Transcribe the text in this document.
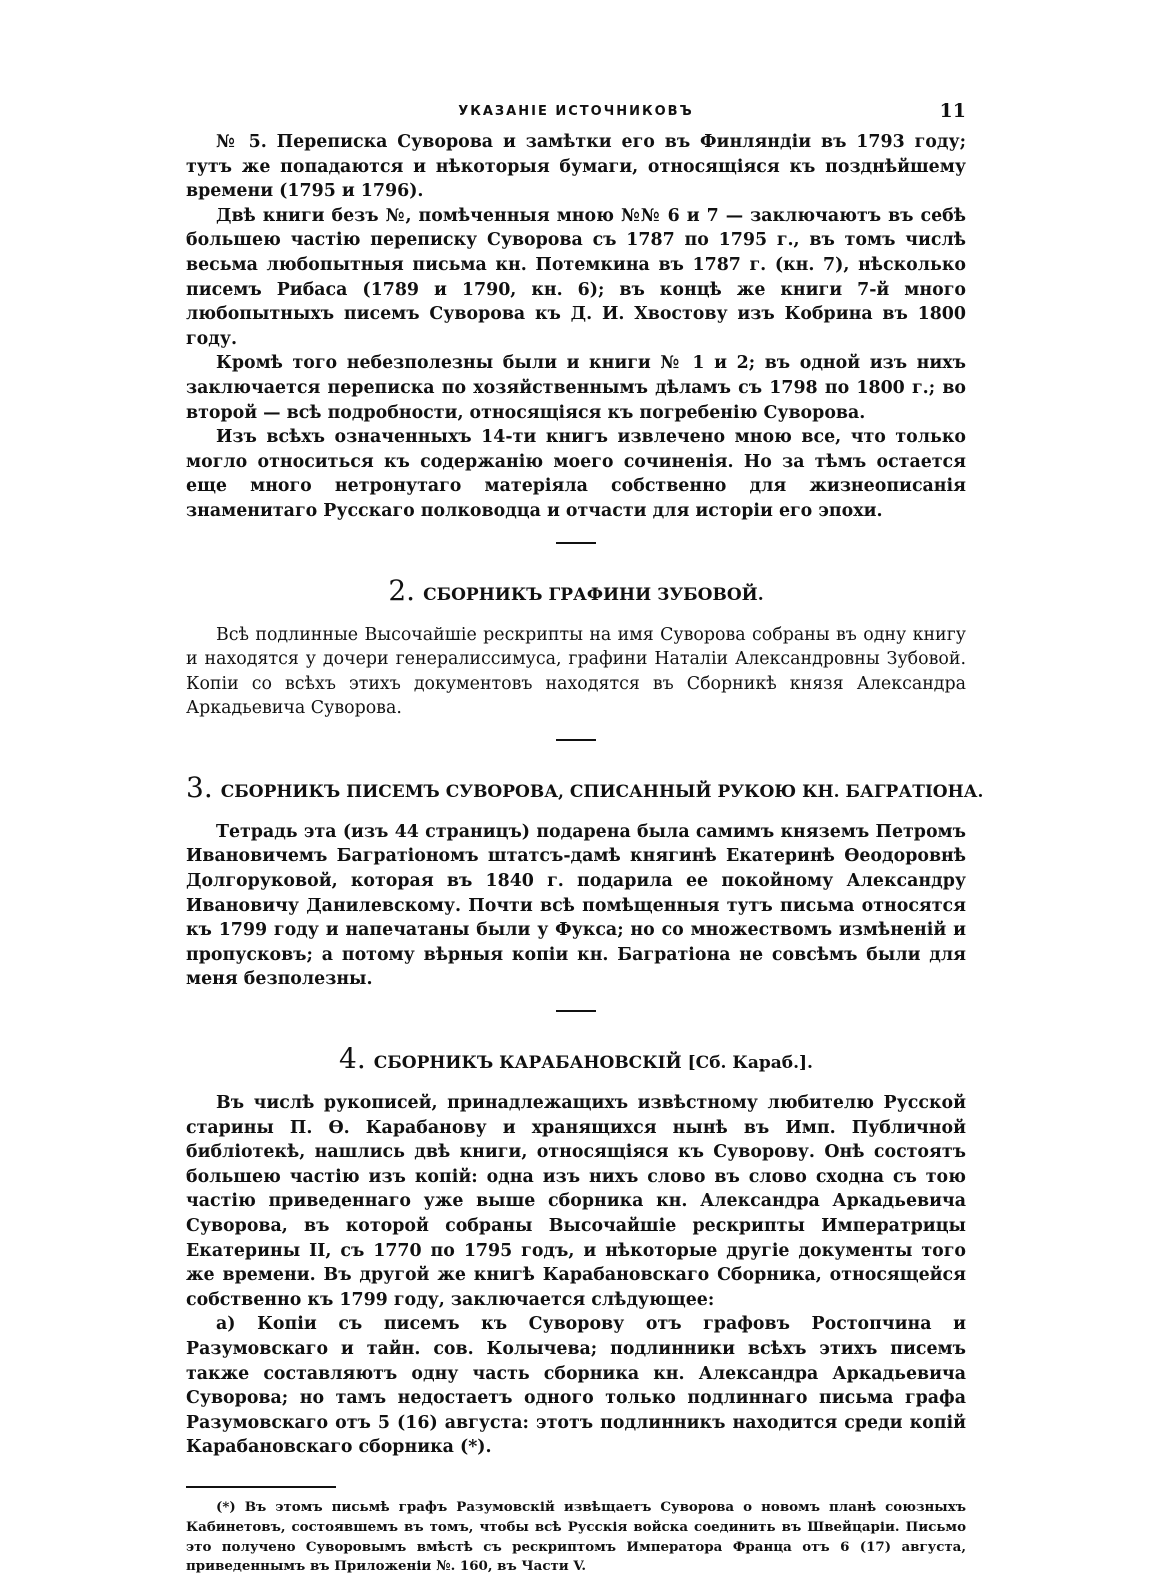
УКАЗАНІЕ ИСТОЧНИКОВЪ	11

№ 5. Переписка Суворова и замѣтки его въ Финляндіи въ 1793 году; тутъ же попадаются и нѣкоторыя бумаги, относящіяся къ позднѣйшему времени (1795 и 1796).

Двѣ книги безъ №, помѣченныя мною №№ 6 и 7 — заключаютъ въ себѣ большею частію переписку Суворова съ 1787 по 1795 г., въ томъ числѣ весьма любопытныя письма кн. Потемкина въ 1787 г. (кн. 7), нѣсколько писемъ Рибаса (1789 и 1790, кн. 6); въ концѣ же книги 7-й много любопытныхъ писемъ Суворова къ Д. И. Хвостову изъ Кобрина въ 1800 году.

Кромѣ того небезполезны были и книги № 1 и 2; въ одной изъ нихъ заключается переписка по хозяйственнымъ дѣламъ съ 1798 по 1800 г.; во второй — всѣ подробности, относящіяся къ погребенію Суворова.

Изъ всѣхъ означенныхъ 14-ти книгъ извлечено мною все, что только могло относиться къ содержанію моего сочиненія. Но за тѣмъ остается еще много нетронутаго матеріяла собственно для жизнеописанія знаменитаго Русскаго полководца и отчасти для исторіи его эпохи.

2. СБОРНИКЪ ГРАФИНИ ЗУБОВОЙ.

Всѣ подлинные Высочайшіе рескрипты на имя Суворова собраны въ одну книгу и находятся у дочери генералиссимуса, графини Наталіи Александровны Зубовой. Копіи со всѣхъ этихъ документовъ находятся въ Сборникѣ князя Александра Аркадьевича Суворова.

3. СБОРНИКЪ ПИСЕМЪ СУВОРОВА, СПИСАННЫЙ РУКОЮ КН. БАГРАТІОНА.

Тетрадь эта (изъ 44 страницъ) подарена была самимъ княземъ Петромъ Ивановичемъ Багратіономъ штатсъ-дамѣ княгинѣ Екатеринѣ Ѳеодоровнѣ Долгоруковой, которая въ 1840 г. подарила ее покойному Александру Ивановичу Данилевскому. Почти всѣ помѣщенныя тутъ письма относятся къ 1799 году и напечатаны были у Фукса; но со множествомъ измѣненій и пропусковъ; а потому вѣрныя копіи кн. Багратіона не совсѣмъ были для меня безполезны.

4. СБОРНИКЪ КАРАБАНОВСКІЙ [Сб. Караб.].

Въ числѣ рукописей, принадлежащихъ извѣстному любителю Русской старины П. Ѳ. Карабанову и хранящихся нынѣ въ Имп. Публичной библіотекѣ, нашлись двѣ книги, относящіяся къ Суворову. Онѣ состоятъ большею частію изъ копій: одна изъ нихъ слово въ слово сходна съ тою частію приведеннаго уже выше сборника кн. Александра Аркадьевича Суворова, въ которой собраны Высочайшіе рескрипты Императрицы Екатерины II, съ 1770 по 1795 годъ, и нѣкоторые другіе документы того же времени. Въ другой же книгѣ Карабановскаго Сборника, относящейся собственно къ 1799 году, заключается слѣдующее:

а) Копіи съ писемъ къ Суворову отъ графовъ Ростопчина и Разумовскаго и тайн. сов. Колычева; подлинники всѣхъ этихъ писемъ также составляютъ одну часть сборника кн. Александра Аркадьевича Суворова; но тамъ недостаетъ одного только подлиннаго письма графа Разумовскаго отъ 5 (16) августа: этотъ подлинникъ находится среди копій Карабановскаго сборника (*).

(*) Въ этомъ письмѣ графъ Разумовскій извѣщаетъ Суворова о новомъ планѣ союзныхъ Кабинетовъ, состоявшемъ въ томъ, чтобы всѣ Русскія войска соединить въ Швейцаріи. Письмо это получено Суворовымъ вмѣстѣ съ рескриптомъ Императора Франца отъ 6 (17) августа, приведеннымъ въ Приложеніи №. 160, въ Части V.
